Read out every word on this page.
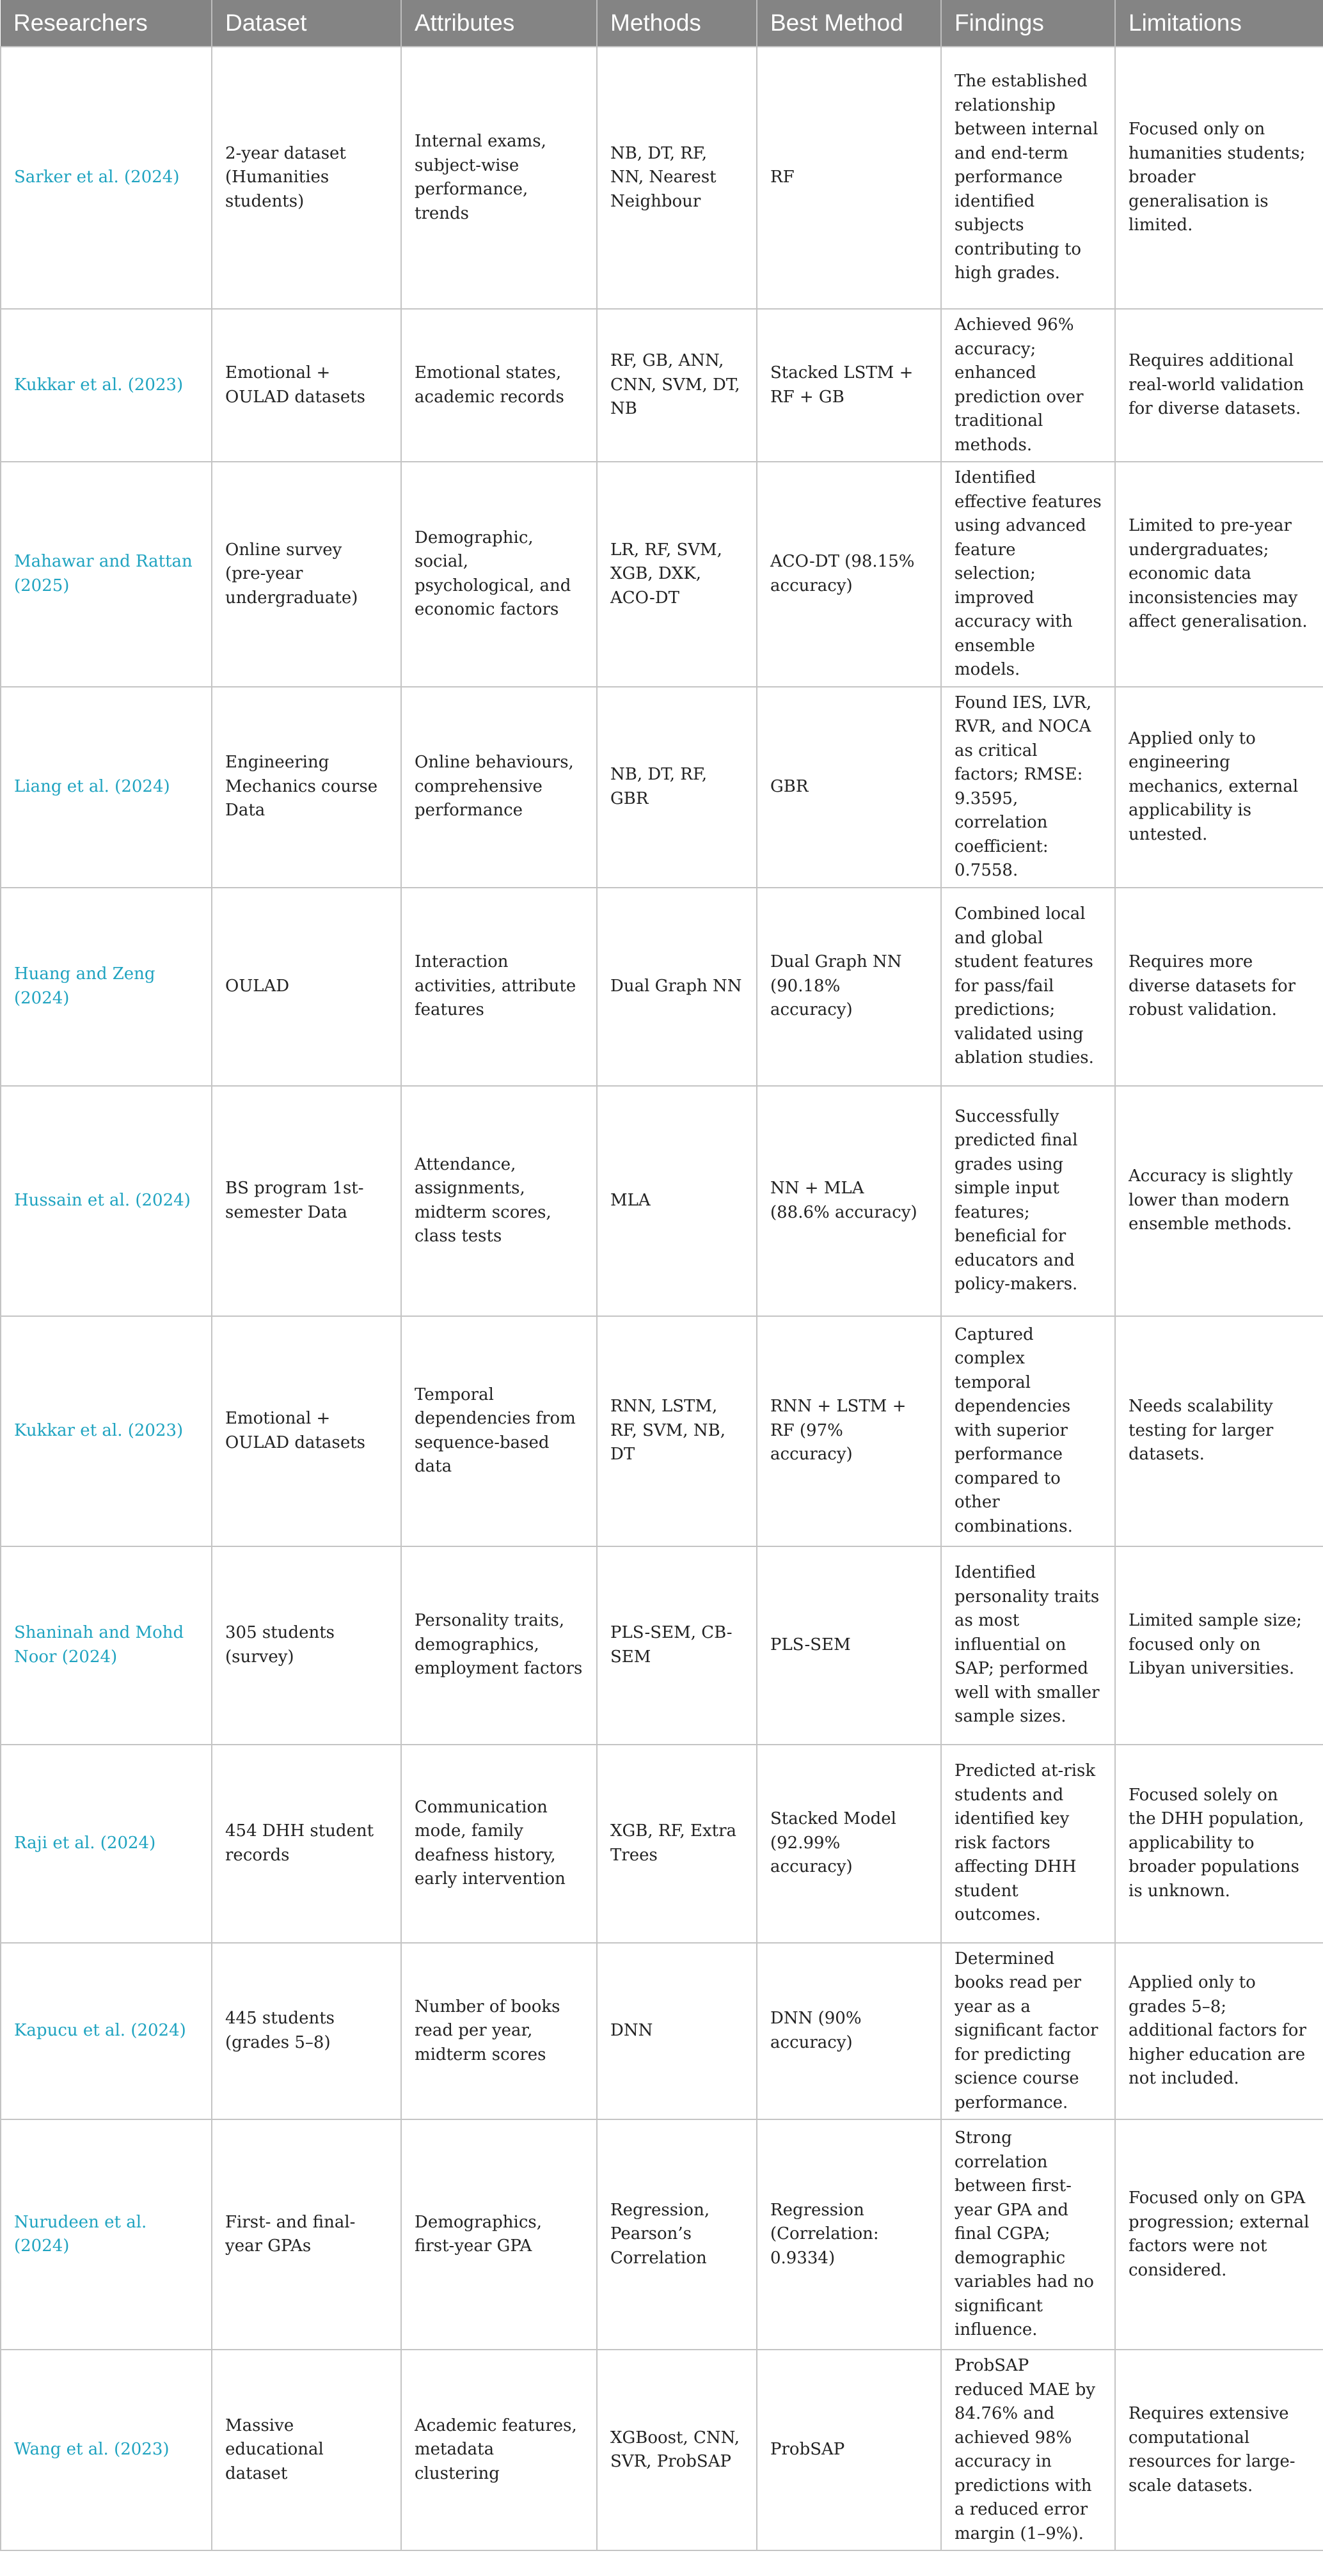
Researchers	Dataset	Attributes	Methods	Best Method	Findings	Limitations
Sarker et al. (2024)	2-year dataset (Humanities students)	Internal exams, subject-wise performance, trends	NB, DT, RF, NN, Nearest Neighbour	RF	The established relationship between internal and end-term performance identified subjects contributing to high grades.	Focused only on humanities students; broader generalisation is limited.
Kukkar et al. (2023)	Emotional + OULAD datasets	Emotional states, academic records	RF, GB, ANN, CNN, SVM, DT, NB	Stacked LSTM + RF + GB	Achieved 96% accuracy; enhanced prediction over traditional methods.	Requires additional real-world validation for diverse datasets.
Mahawar and Rattan (2025)	Online survey (pre-year undergraduate)	Demographic, social, psychological, and economic factors	LR, RF, SVM, XGB, DXK, ACO-DT	ACO-DT (98.15% accuracy)	Identified effective features using advanced feature selection; improved accuracy with ensemble models.	Limited to pre-year undergraduates; economic data inconsistencies may affect generalisation.
Liang et al. (2024)	Engineering Mechanics course Data	Online behaviours, comprehensive performance	NB, DT, RF, GBR	GBR	Found IES, LVR, RVR, and NOCA as critical factors; RMSE: 9.3595, correlation coefficient: 0.7558.	Applied only to engineering mechanics, external applicability is untested.
Huang and Zeng (2024)	OULAD	Interaction activities, attribute features	Dual Graph NN	Dual Graph NN (90.18% accuracy)	Combined local and global student features for pass/fail predictions; validated using ablation studies.	Requires more diverse datasets for robust validation.
Hussain et al. (2024)	BS program 1st-semester Data	Attendance, assignments, midterm scores, class tests	MLA	NN + MLA (88.6% accuracy)	Successfully predicted final grades using simple input features; beneficial for educators and policy-makers.	Accuracy is slightly lower than modern ensemble methods.
Kukkar et al. (2023)	Emotional + OULAD datasets	Temporal dependencies from sequence-based data	RNN, LSTM, RF, SVM, NB, DT	RNN + LSTM + RF (97% accuracy)	Captured complex temporal dependencies with superior performance compared to other combinations.	Needs scalability testing for larger datasets.
Shaninah and Mohd Noor (2024)	305 students (survey)	Personality traits, demographics, employment factors	PLS-SEM, CB-SEM	PLS-SEM	Identified personality traits as most influential on SAP; performed well with smaller sample sizes.	Limited sample size; focused only on Libyan universities.
Raji et al. (2024)	454 DHH student records	Communication mode, family deafness history, early intervention	XGB, RF, Extra Trees	Stacked Model (92.99% accuracy)	Predicted at-risk students and identified key risk factors affecting DHH student outcomes.	Focused solely on the DHH population, applicability to broader populations is unknown.
Kapucu et al. (2024)	445 students (grades 5–8)	Number of books read per year, midterm scores	DNN	DNN (90% accuracy)	Determined books read per year as a significant factor for predicting science course performance.	Applied only to grades 5–8; additional factors for higher education are not included.
Nurudeen et al. (2024)	First- and final-year GPAs	Demographics, first-year GPA	Regression, Pearson’s Correlation	Regression (Correlation: 0.9334)	Strong correlation between first-year GPA and final CGPA; demographic variables had no significant influence.	Focused only on GPA progression; external factors were not considered.
Wang et al. (2023)	Massive educational dataset	Academic features, metadata clustering	XGBoost, CNN, SVR, ProbSAP	ProbSAP	ProbSAP reduced MAE by 84.76% and achieved 98% accuracy in predictions with a reduced error margin (1–9%).	Requires extensive computational resources for large-scale datasets.
